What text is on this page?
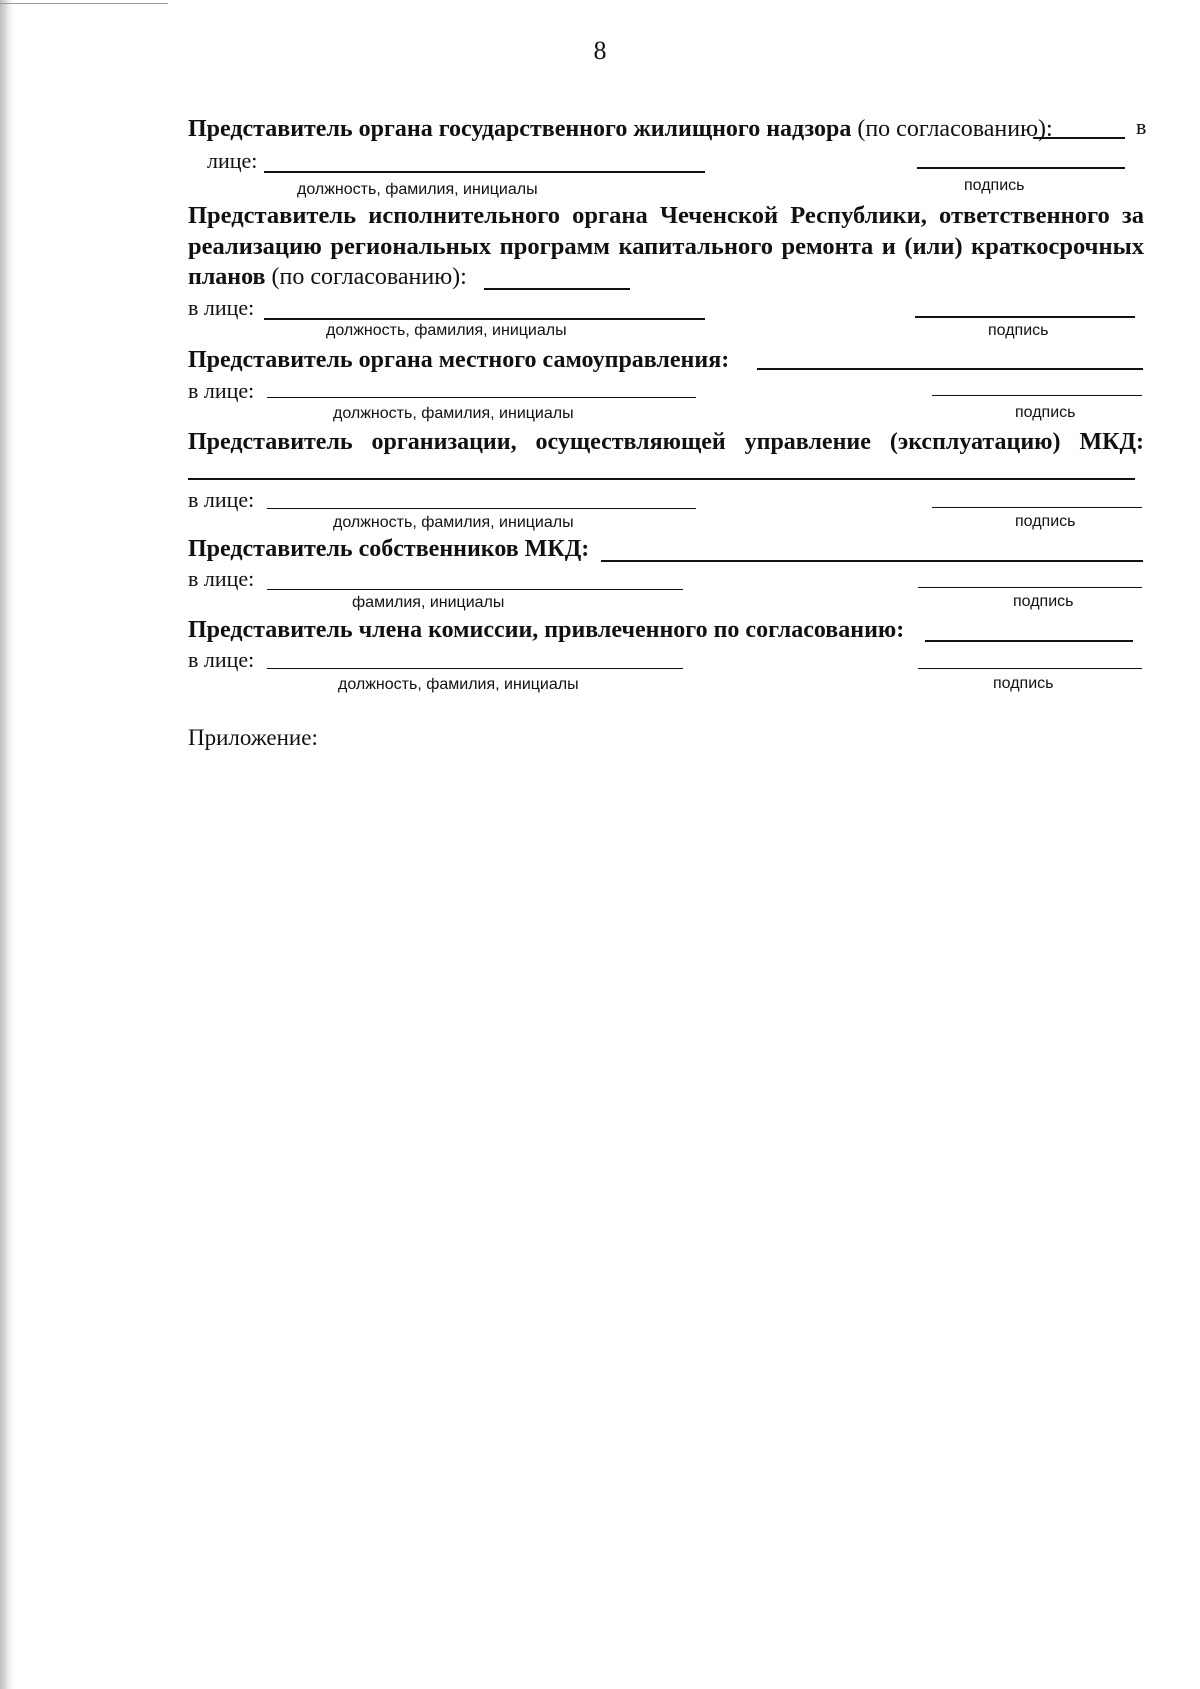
8
Представитель органа государственного жилищного надзора (по согласованию):	в
лице:
должность, фамилия, инициалы	подпись
Представитель исполнительного органа Чеченской Республики, ответственного за
реализацию региональных программ капитального ремонта и (или) краткосрочных
планов (по согласованию):
в лице:
должность, фамилия, инициалы	подпись
Представитель органа местного самоуправления:
в лице:
должность, фамилия, инициалы	подпись
Представитель организации, осуществляющей управление (эксплуатацию) МКД:
в лице:
должность, фамилия, инициалы	подпись
Представитель собственников МКД:
в лице:
фамилия, инициалы	подпись
Представитель члена комиссии, привлеченного по согласованию:
в лице:
должность, фамилия, инициалы	подпись
Приложение:
